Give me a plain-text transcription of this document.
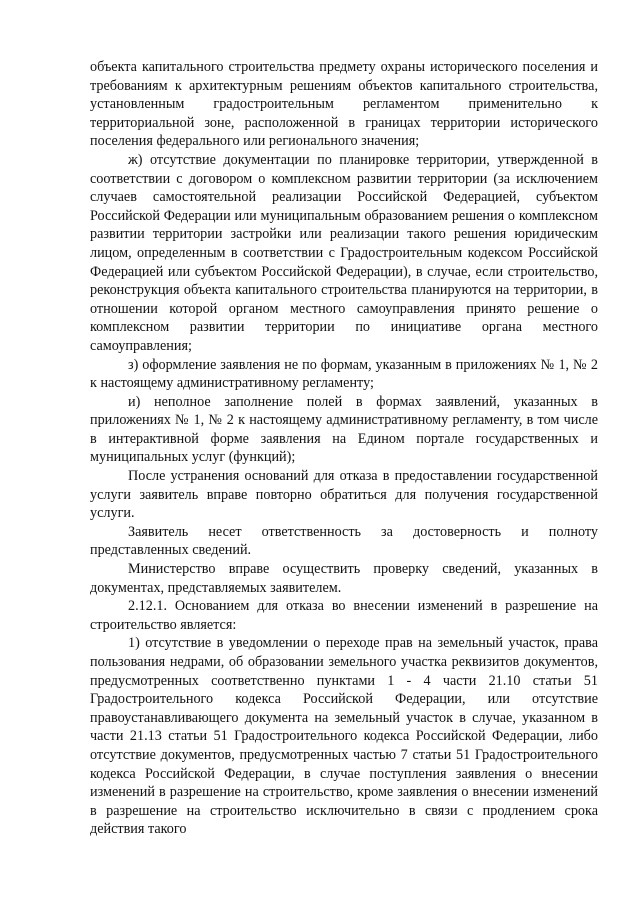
объекта капитального строительства предмету охраны исторического поселения и требованиям к архитектурным решениям объектов капитального строительства, установленным градостроительным регламентом применительно к территориальной зоне, расположенной в границах территории исторического поселения федерального или регионального значения;

ж) отсутствие документации по планировке территории, утвержденной в соответствии с договором о комплексном развитии территории (за исключением случаев самостоятельной реализации Российской Федерацией, субъектом Российской Федерации или муниципальным образованием решения о комплексном развитии территории застройки или реализации такого решения юридическим лицом, определенным в соответствии с Градостроительным кодексом Российской Федерацией или субъектом Российской Федерации), в случае, если строительство, реконструкция объекта капитального строительства планируются на территории, в отношении которой органом местного самоуправления принято решение о комплексном развитии территории по инициативе органа местного самоуправления;

з) оформление заявления не по формам, указанным в приложениях № 1, № 2 к настоящему административному регламенту;

и) неполное заполнение полей в формах заявлений, указанных в приложениях № 1, № 2 к настоящему административному регламенту, в том числе в интерактивной форме заявления на Едином портале государственных и муниципальных услуг (функций);

После устранения оснований для отказа в предоставлении государственной услуги заявитель вправе повторно обратиться для получения государственной услуги.

Заявитель несет ответственность за достоверность и полноту представленных сведений.

Министерство вправе осуществить проверку сведений, указанных в документах, представляемых заявителем.

2.12.1. Основанием для отказа во внесении изменений в разрешение на строительство является:

1) отсутствие в уведомлении о переходе прав на земельный участок, права пользования недрами, об образовании земельного участка реквизитов документов, предусмотренных соответственно пунктами 1 - 4 части 21.10 статьи 51 Градостроительного кодекса Российской Федерации, или отсутствие правоустанавливающего документа на земельный участок в случае, указанном в части 21.13 статьи 51 Градостроительного кодекса Российской Федерации, либо отсутствие документов, предусмотренных частью 7 статьи 51 Градостроительного кодекса Российской Федерации, в случае поступления заявления о внесении изменений в разрешение на строительство, кроме заявления о внесении изменений в разрешение на строительство исключительно в связи с продлением срока действия такого
